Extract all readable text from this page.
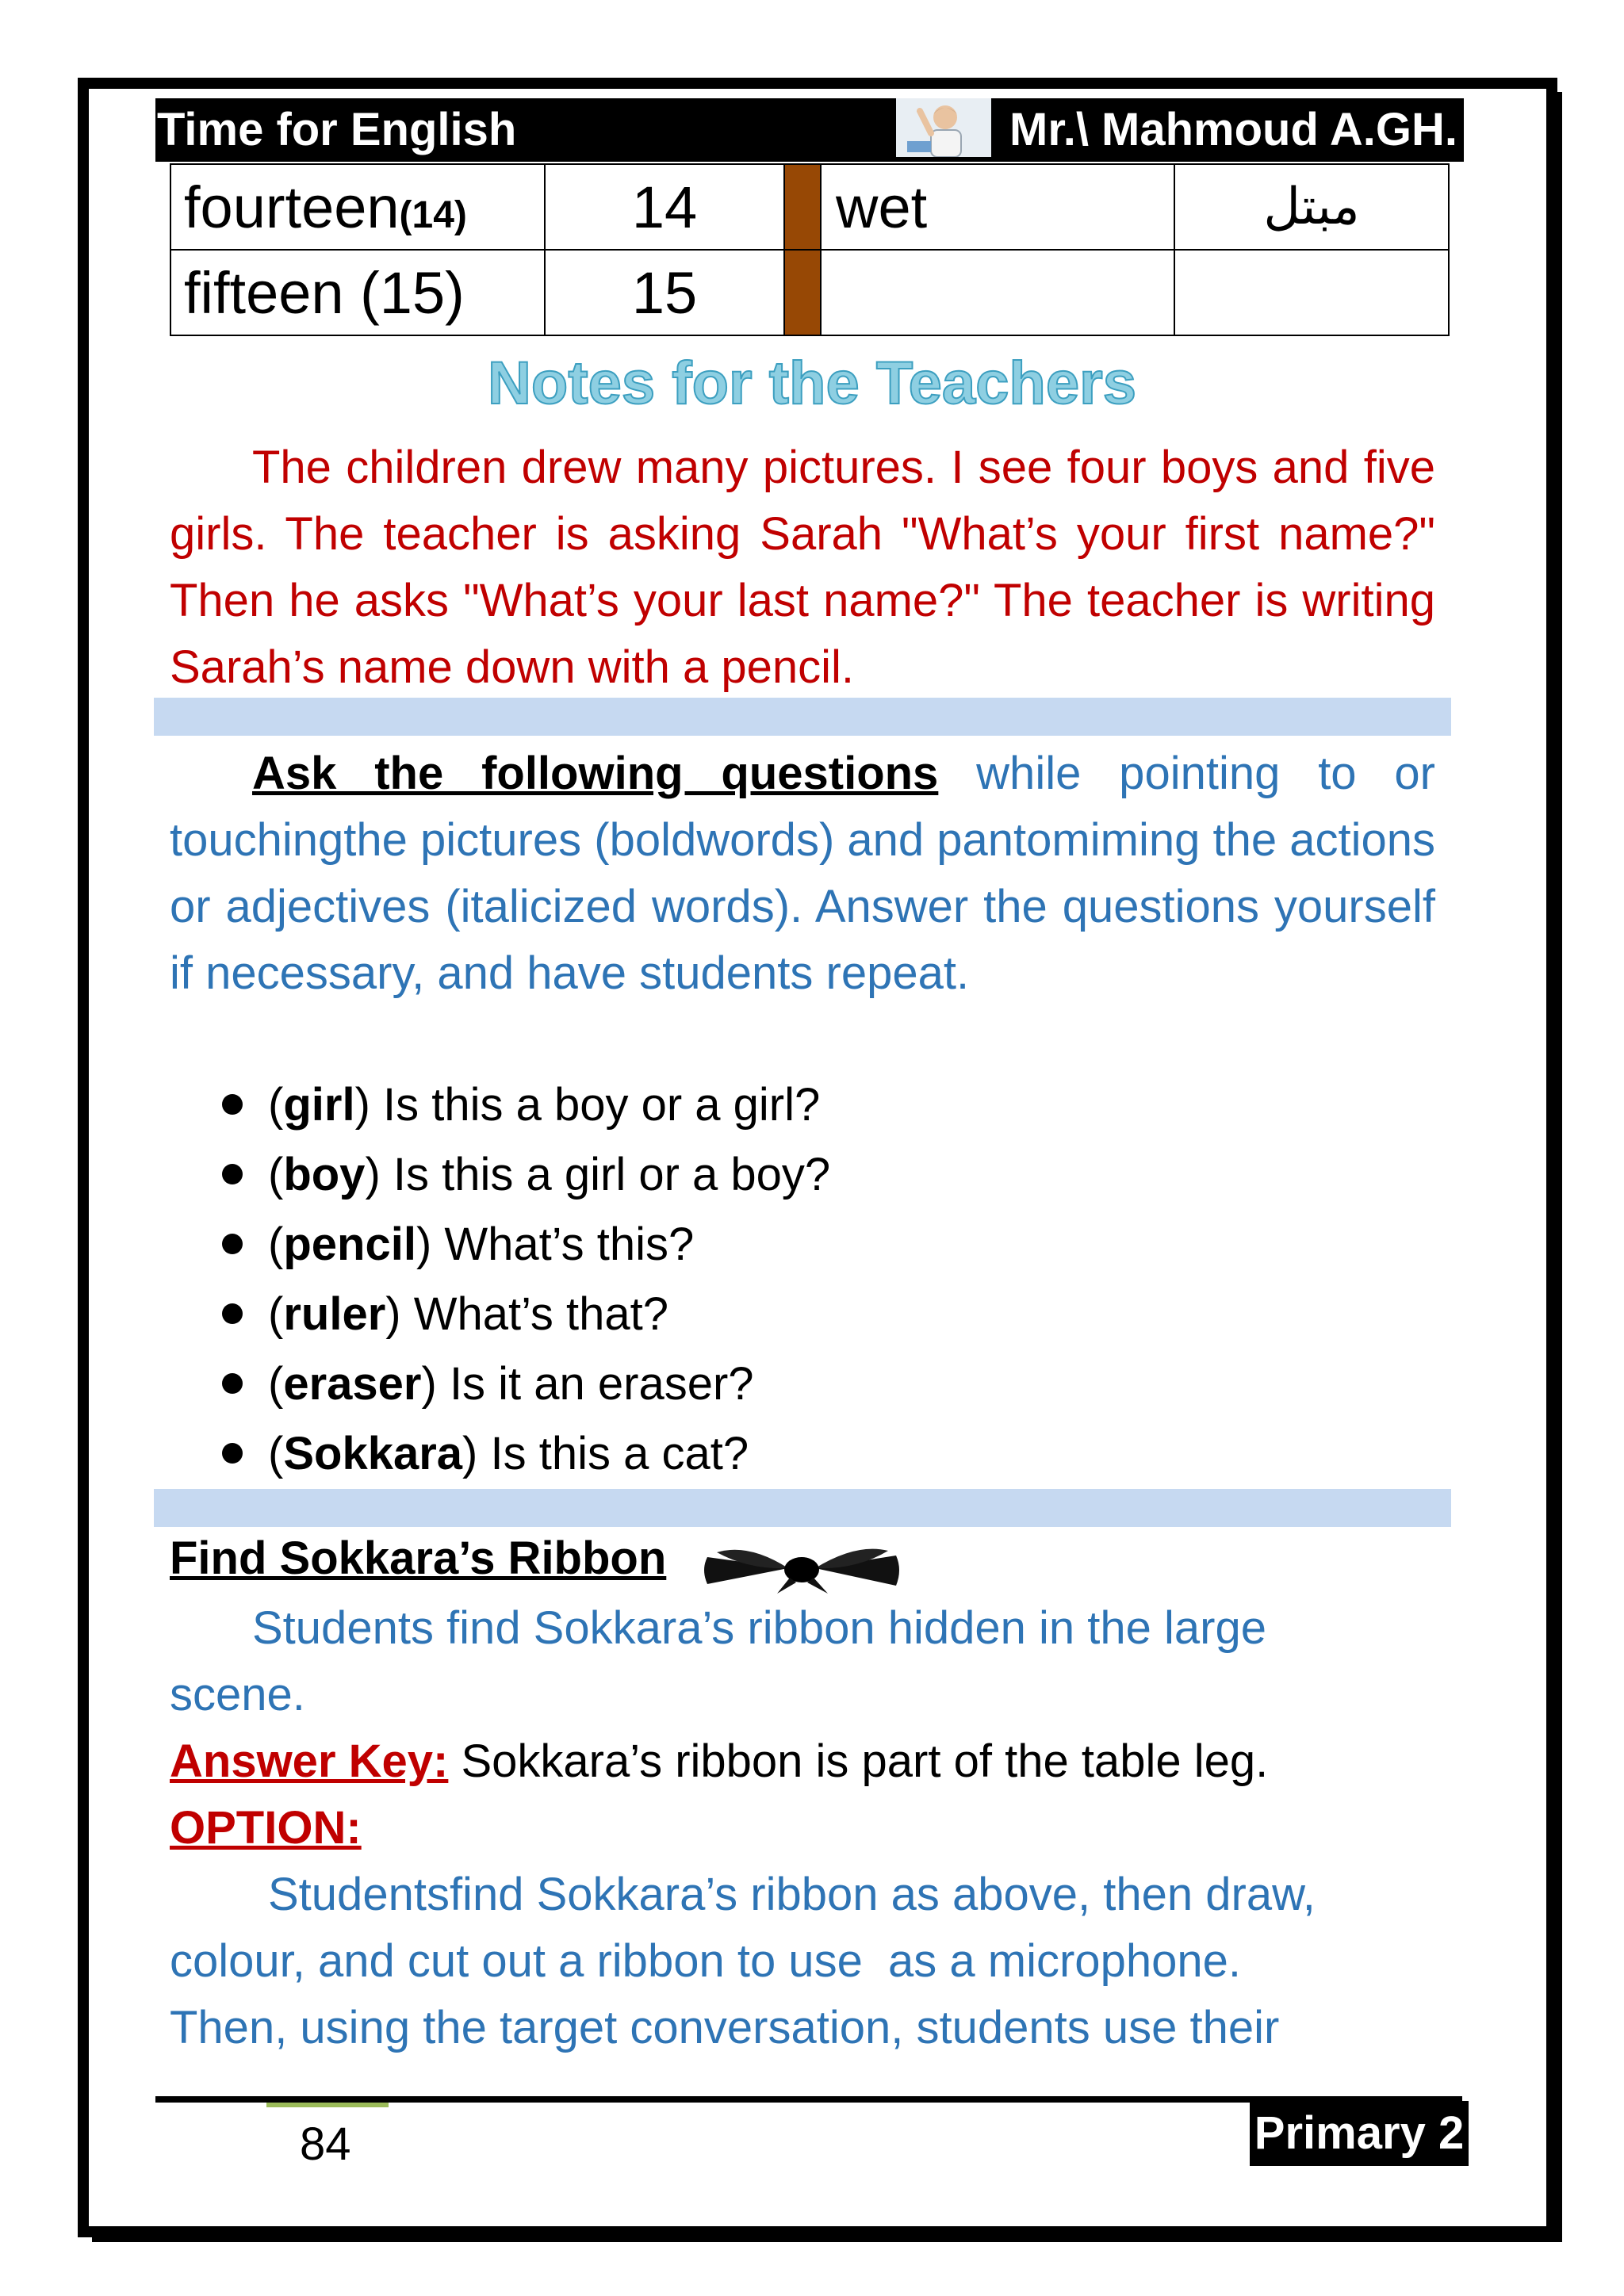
Time for English	Mr.\ Mahmoud A.GH.
fourteen(14)	14		wet	مبتل
fifteen (15)	15			
Notes for the Teachers
The children drew many pictures. I see four boys and five girls. The teacher is asking Sarah "What’s your first name?" Then he asks "What’s your last name?" The teacher is writing Sarah’s name down with a pencil.
Ask the following questions while pointing to or touchingthe pictures (boldwords) and pantomiming the actions or adjectives (italicized words). Answer the questions yourself if necessary, and have students repeat.
(girl) Is this a boy or a girl?
(boy) Is this a girl or a boy?
(pencil) What’s this?
(ruler) What’s that?
(eraser) Is it an eraser?
(Sokkara) Is this a cat?
Find Sokkara’s Ribbon
Students find Sokkara’s ribbon hidden in the large
scene.
Answer Key: Sokkara’s ribbon is part of the table leg.
OPTION:
Studentsfind Sokkara’s ribbon as above, then draw,
colour, and cut out a ribbon to use  as a microphone.
Then, using the target conversation, students use their
84	Primary 2
